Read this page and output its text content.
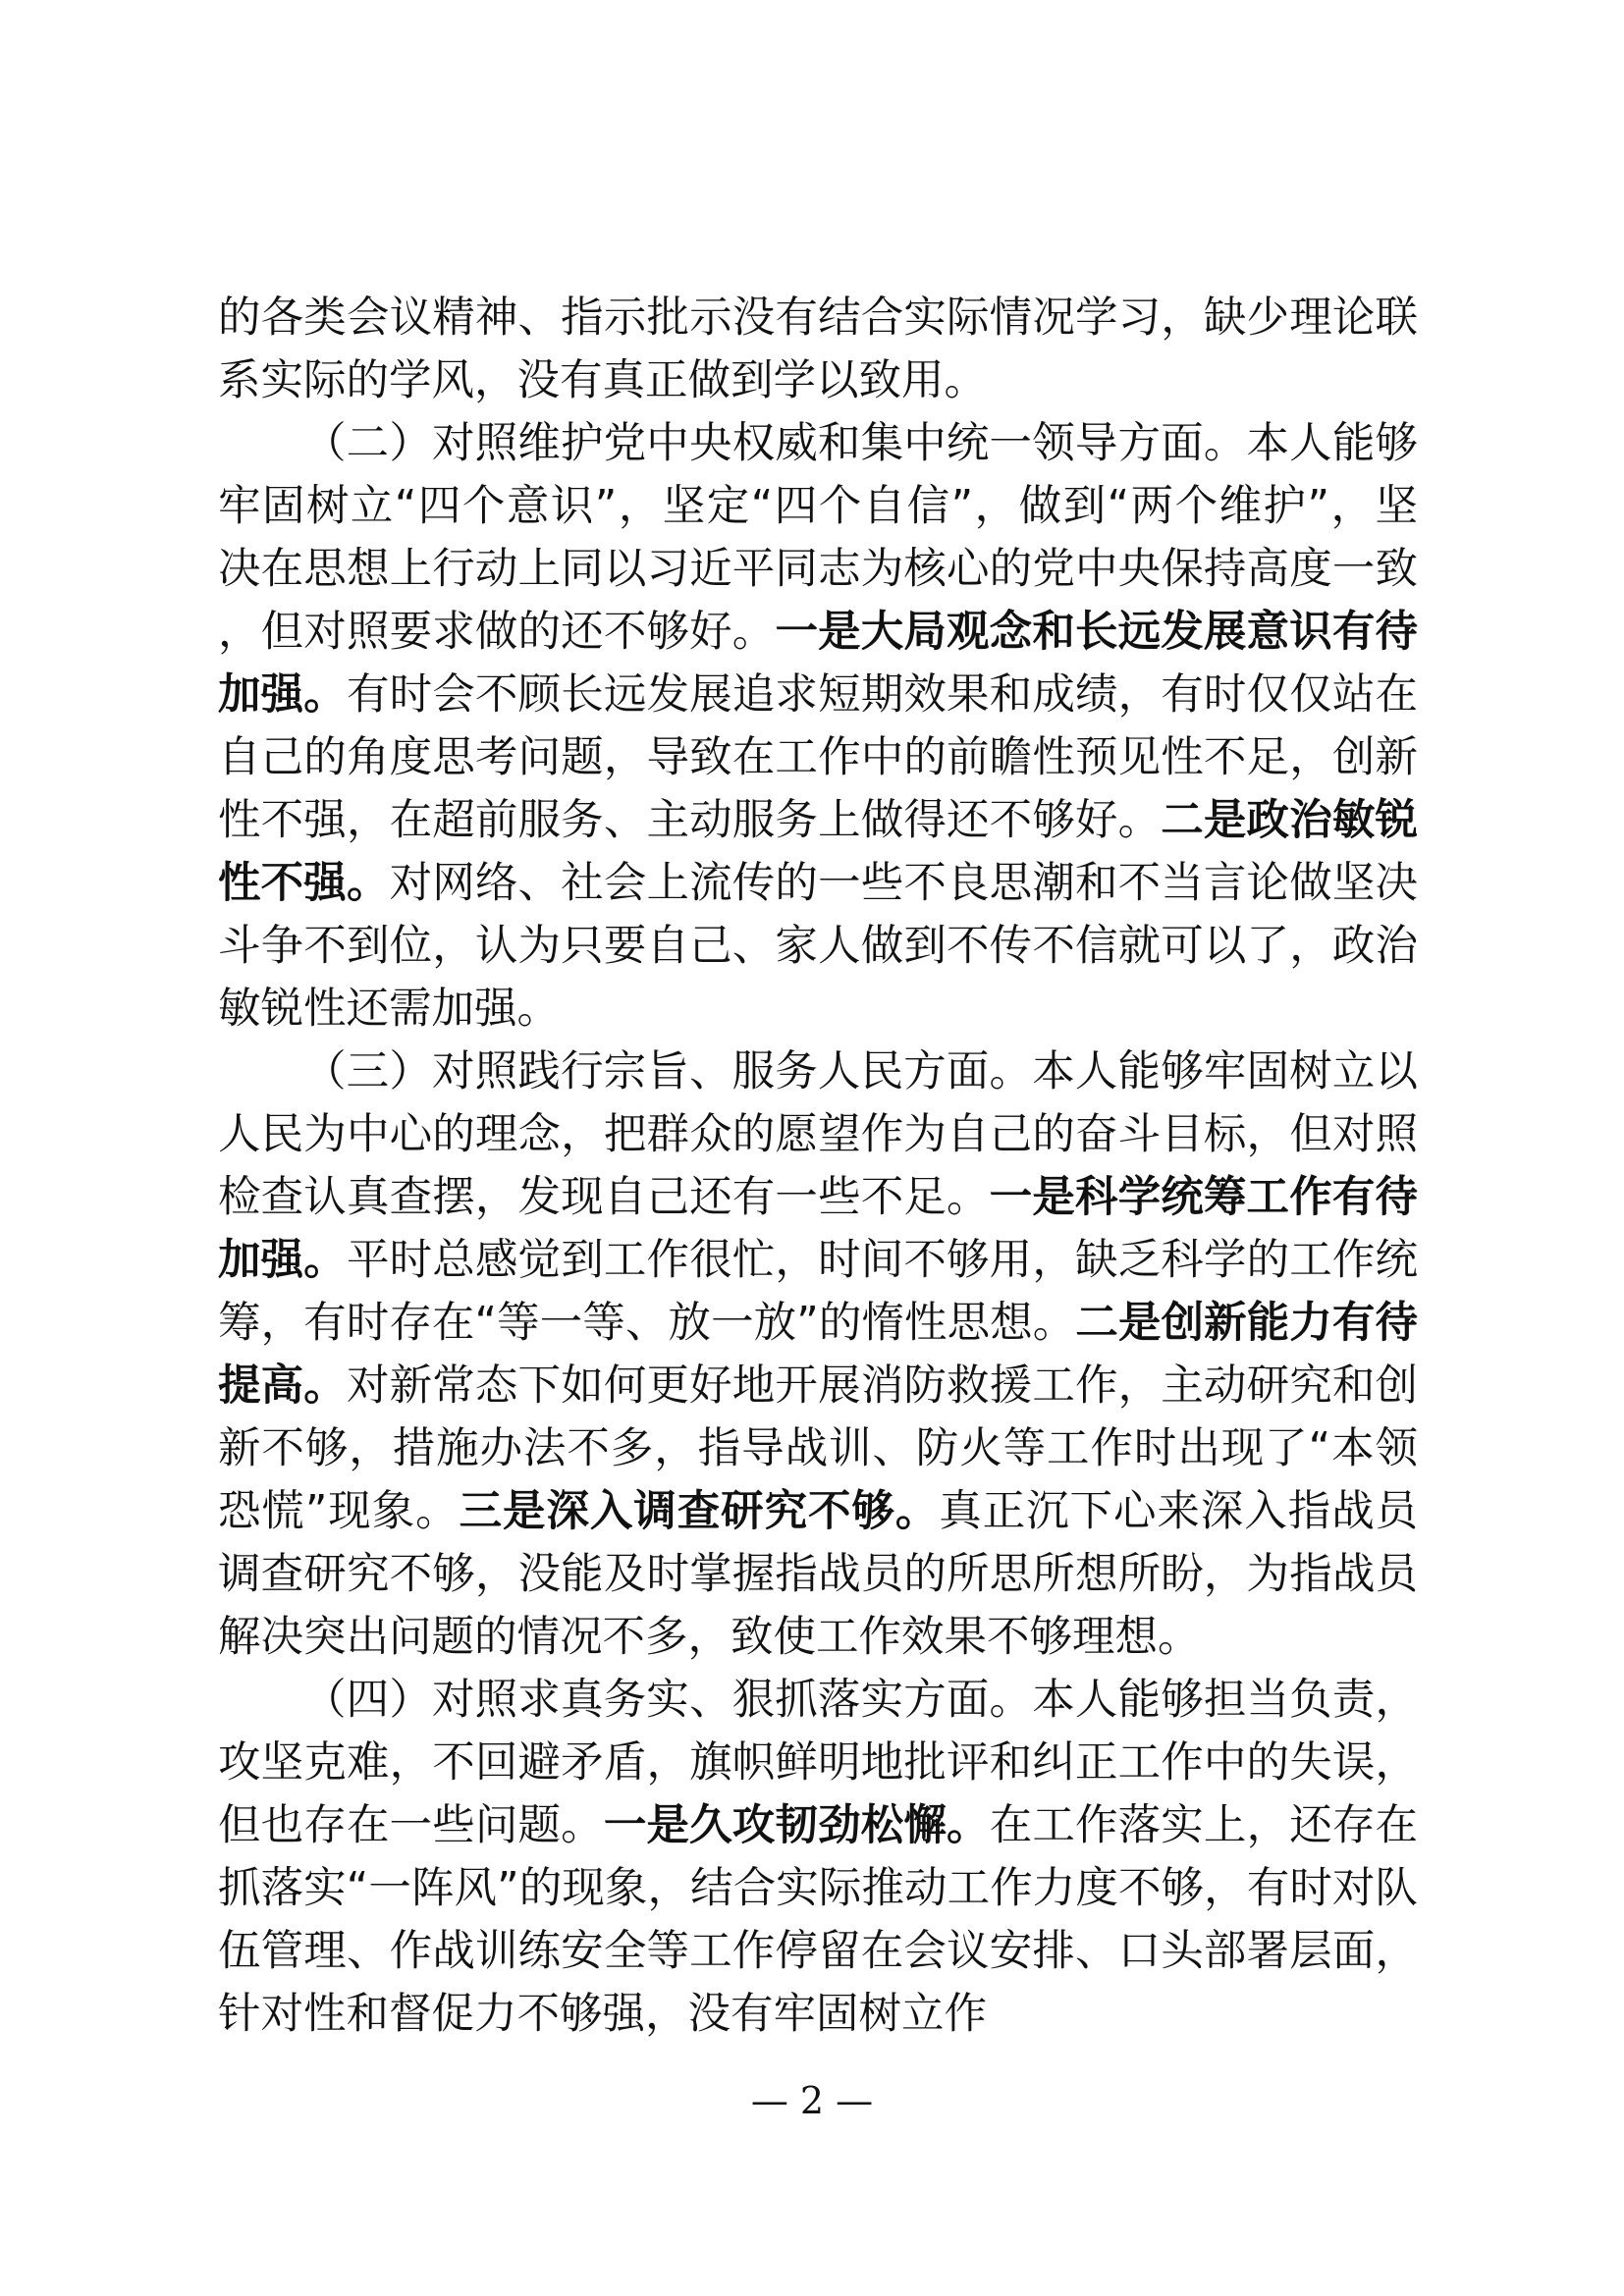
的各类会议精神、指示批示没有结合实际情况学习，缺少理论联系实际的学风，没有真正做到学以致用。

（二）对照维护党中央权威和集中统一领导方面。本人能够牢固树立“四个意识”，坚定“四个自信”，做到“两个维护”，坚决在思想上行动上同以习近平同志为核心的党中央保持高度一致，但对照要求做的还不够好。一是大局观念和长远发展意识有待加强。有时会不顾长远发展追求短期效果和成绩，有时仅仅站在自己的角度思考问题，导致在工作中的前瞻性预见性不足，创新性不强，在超前服务、主动服务上做得还不够好。二是政治敏锐性不强。对网络、社会上流传的一些不良思潮和不当言论做坚决斗争不到位，认为只要自己、家人做到不传不信就可以了，政治敏锐性还需加强。

（三）对照践行宗旨、服务人民方面。本人能够牢固树立以人民为中心的理念，把群众的愿望作为自己的奋斗目标，但对照检查认真查摆，发现自己还有一些不足。一是科学统筹工作有待加强。平时总感觉到工作很忙，时间不够用，缺乏科学的工作统筹，有时存在“等一等、放一放”的惰性思想。二是创新能力有待提高。对新常态下如何更好地开展消防救援工作，主动研究和创新不够，措施办法不多，指导战训、防火等工作时出现了“本领恐慌”现象。三是深入调查研究不够。真正沉下心来深入指战员调查研究不够，没能及时掌握指战员的所思所想所盼，为指战员解决突出问题的情况不多，致使工作效果不够理想。

（四）对照求真务实、狠抓落实方面。本人能够担当负责，攻坚克难，不回避矛盾，旗帜鲜明地批评和纠正工作中的失误，但也存在一些问题。一是久攻韧劲松懈。在工作落实上，还存在抓落实“一阵风”的现象，结合实际推动工作力度不够，有时对队伍管理、作战训练安全等工作停留在会议安排、口头部署层面，针对性和督促力不够强，没有牢固树立作

— 2 —
